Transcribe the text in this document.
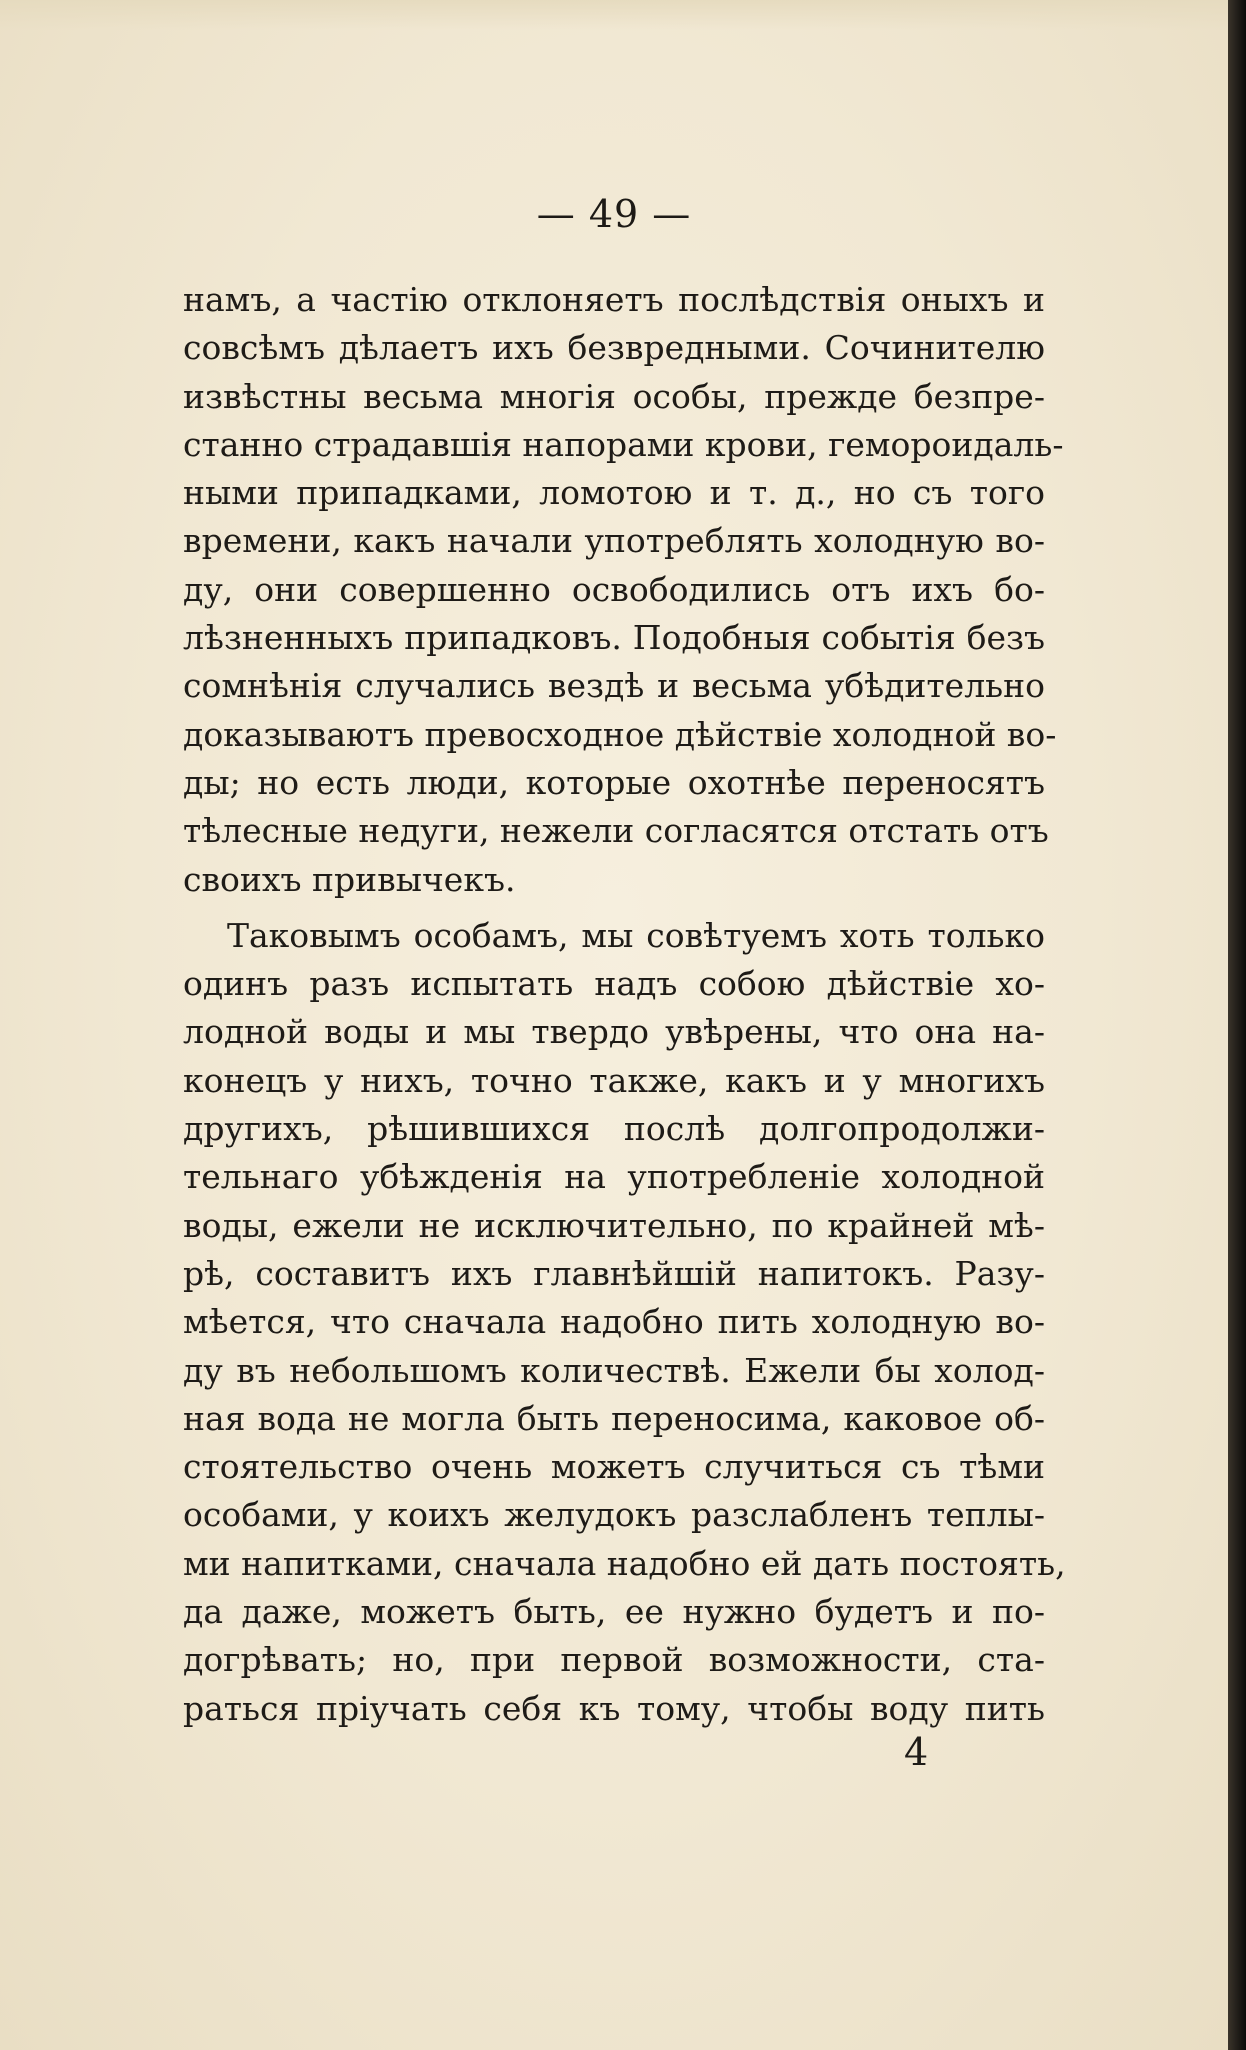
— 49 —
намъ, а частію отклоняетъ послѣдствія оныхъ и
совсѣмъ дѣлаетъ ихъ безвредными. Сочинителю
извѣстны весьма многія особы, прежде безпре-
станно страдавшія напорами крови, гемороидаль-
ными припадками, ломотою и т. д., но съ того
времени, какъ начали употреблять холодную во-
ду, они совершенно освободились отъ ихъ бо-
лѣзненныхъ припадковъ. Подобныя событія безъ
сомнѣнія случались вездѣ и весьма убѣдительно
доказываютъ превосходное дѣйствіе холодной во-
ды; но есть люди, которые охотнѣе переносятъ
тѣлесные недуги, нежели согласятся отстать отъ
своихъ привычекъ.
Таковымъ особамъ, мы совѣтуемъ хоть только
одинъ разъ испытать надъ собою дѣйствіе хо-
лодной воды и мы твердо увѣрены, что она на-
конецъ у нихъ, точно также, какъ и у многихъ
другихъ, рѣшившихся послѣ долгопродолжи-
тельнаго убѣжденія на употребленіе холодной
воды, ежели не исключительно, по крайней мѣ-
рѣ, составитъ ихъ главнѣйшій напитокъ. Разу-
мѣется, что сначала надобно пить холодную во-
ду въ небольшомъ количествѣ. Ежели бы холод-
ная вода не могла быть переносима, каковое об-
стоятельство очень можетъ случиться съ тѣми
особами, у коихъ желудокъ разслабленъ теплы-
ми напитками, сначала надобно ей дать постоять,
да даже, можетъ быть, ее нужно будетъ и по-
догрѣвать; но, при первой возможности, ста-
раться пріучать себя къ тому, чтобы воду пить
4
